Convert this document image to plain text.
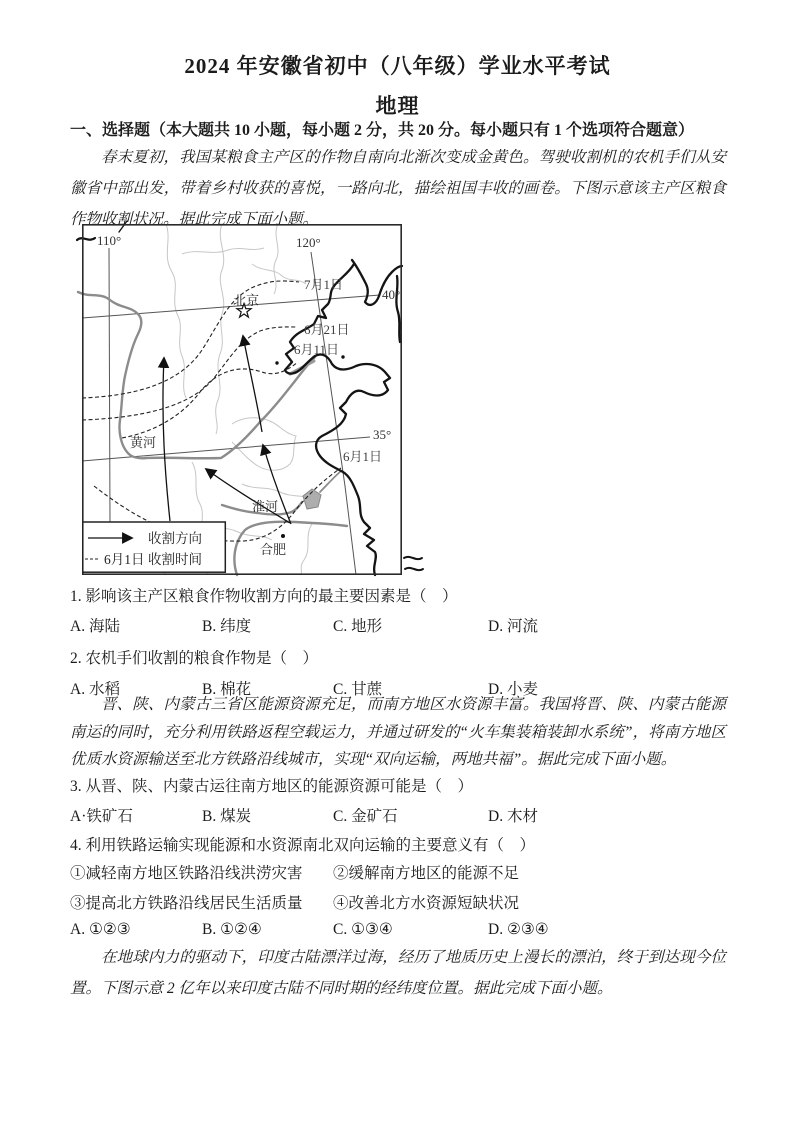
2024 年安徽省初中（八年级）学业水平考试
地理
一、选择题（本大题共 10 小题，每小题 2 分，共 20 分。每小题只有 1 个选项符合题意）
春末夏初，我国某粮食主产区的作物自南向北渐次变成金黄色。驾驶收割机的农机手们从安徽省中部出发，带着乡村收获的喜悦，一路向北，描绘祖国丰收的画卷。下图示意该主产区粮食作物收割状况。据此完成下面小题。
110°	120°
40°
35°
7月1日
6月21日
6月11日
6月1日
北京
合肥
黄河
淮河
收割方向
6月1日 收割时间
1. 影响该主产区粮食作物收割方向的最主要因素是（　）
A. 海陆	B. 纬度	C. 地形	D. 河流
2. 农机手们收割的粮食作物是（　）
A. 水稻	B. 棉花	C. 甘蔗	D. 小麦
晋、陕、内蒙古三省区能源资源充足，而南方地区水资源丰富。我国将晋、陕、内蒙古能源南运的同时，充分利用铁路返程空载运力，并通过研发的“火车集装箱装卸水系统”，将南方地区优质水资源输送至北方铁路沿线城市，实现“双向运输，两地共福”。据此完成下面小题。
3. 从晋、陕、内蒙古运往南方地区的能源资源可能是（　）
A·铁矿石	B. 煤炭	C. 金矿石	D. 木材
4. 利用铁路运输实现能源和水资源南北双向运输的主要意义有（　）
①减轻南方地区铁路沿线洪涝灾害 ②缓解南方地区的能源不足
③提高北方铁路沿线居民生活质量 ④改善北方水资源短缺状况
A. ①②③	B. ①②④	C. ①③④	D. ②③④
在地球内力的驱动下，印度古陆漂洋过海，经历了地质历史上漫长的漂泊，终于到达现今位置。下图示意 2 亿年以来印度古陆不同时期的经纬度位置。据此完成下面小题。
